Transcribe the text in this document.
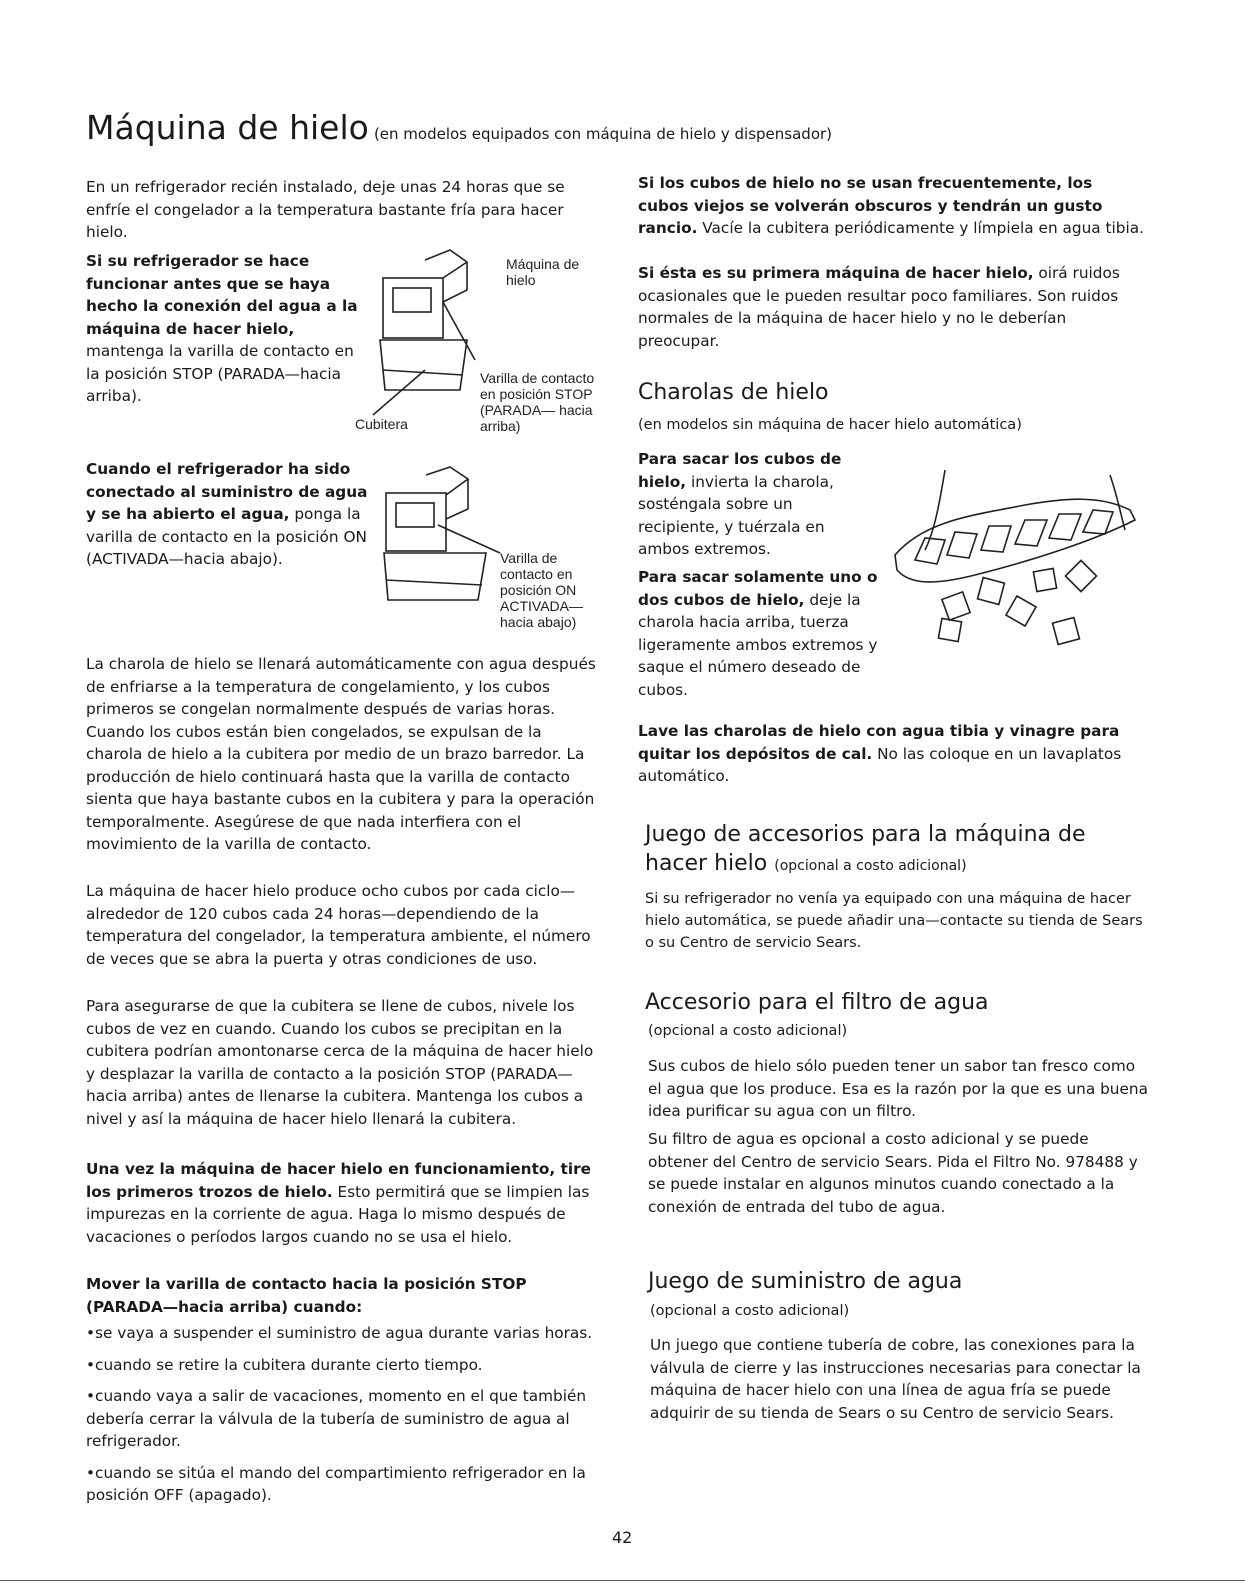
Máquina de hielo (en modelos equipados con máquina de hielo y dispensador)

En un refrigerador recién instalado, deje unas 24 horas que se enfríe el congelador a la temperatura bastante fría para hacer hielo.

Si su refrigerador se hace funcionar antes que se haya hecho la conexión del agua a la máquina de hacer hielo, mantenga la varilla de contacto en la posición STOP (PARADA—hacia arriba).

Máquina de hielo
Varilla de contacto en posición STOP (PARADA— hacia arriba)
Cubitera

Cuando el refrigerador ha sido conectado al suministro de agua y se ha abierto el agua, ponga la varilla de contacto en la posición ON (ACTIVADA—hacia abajo).	Varilla de contacto en posición ON ACTIVADA— hacia abajo)

La charola de hielo se llenará automáticamente con agua después de enfriarse a la temperatura de congelamiento, y los cubos primeros se congelan normalmente después de varias horas. Cuando los cubos están bien congelados, se expulsan de la charola de hielo a la cubitera por medio de un brazo barredor. La producción de hielo continuará hasta que la varilla de contacto sienta que haya bastante cubos en la cubitera y para la operación temporalmente. Asegúrese de que nada interfiera con el movimiento de la varilla de contacto.

La máquina de hacer hielo produce ocho cubos por cada ciclo—alrededor de 120 cubos cada 24 horas—dependiendo de la temperatura del congelador, la temperatura ambiente, el número de veces que se abra la puerta y otras condiciones de uso.

Para asegurarse de que la cubitera se llene de cubos, nivele los cubos de vez en cuando. Cuando los cubos se precipitan en la cubitera podrían amontonarse cerca de la máquina de hacer hielo y desplazar la varilla de contacto a la posición STOP (PARADA—hacia arriba) antes de llenarse la cubitera. Mantenga los cubos a nivel y así la máquina de hacer hielo llenará la cubitera.

Una vez la máquina de hacer hielo en funcionamiento, tire los primeros trozos de hielo. Esto permitirá que se limpien las impurezas en la corriente de agua. Haga lo mismo después de vacaciones o períodos largos cuando no se usa el hielo.

Mover la varilla de contacto hacia la posición STOP (PARADA—hacia arriba) cuando:

• se vaya a suspender el suministro de agua durante varias horas.
• cuando se retire la cubitera durante cierto tiempo.
• cuando vaya a salir de vacaciones, momento en el que también debería cerrar la válvula de la tubería de suministro de agua al refrigerador.
• cuando se sitúa el mando del compartimiento refrigerador en la posición OFF (apagado).

Si los cubos de hielo no se usan frecuentemente, los cubos viejos se volverán obscuros y tendrán un gusto rancio. Vacíe la cubitera periódicamente y límpiela en agua tibia.

Si ésta es su primera máquina de hacer hielo, oirá ruidos ocasionales que le pueden resultar poco familiares. Son ruidos normales de la máquina de hacer hielo y no le deberían preocupar.

Charolas de hielo

(en modelos sin máquina de hacer hielo automática)

Para sacar los cubos de hielo, invierta la charola, sosténgala sobre un recipiente, y tuérzala en ambos extremos.

Para sacar solamente uno o dos cubos de hielo, deje la charola hacia arriba, tuerza ligeramente ambos extremos y saque el número deseado de cubos.

Lave las charolas de hielo con agua tibia y vinagre para quitar los depósitos de cal. No las coloque en un lavaplatos automático.

Juego de accesorios para la máquina de hacer hielo (opcional a costo adicional)

Si su refrigerador no venía ya equipado con una máquina de hacer hielo automática, se puede añadir una—contacte su tienda de Sears o su Centro de servicio Sears.

Accesorio para el filtro de agua

(opcional a costo adicional)

Sus cubos de hielo sólo pueden tener un sabor tan fresco como el agua que los produce. Esa es la razón por la que es una buena idea purificar su agua con un filtro.

Su filtro de agua es opcional a costo adicional y se puede obtener del Centro de servicio Sears. Pida el Filtro No. 978488 y se puede instalar en algunos minutos cuando conectado a la conexión de entrada del tubo de agua.

Juego de suministro de agua

(opcional a costo adicional)

Un juego que contiene tubería de cobre, las conexiones para la válvula de cierre y las instrucciones necesarias para conectar la máquina de hacer hielo con una línea de agua fría se puede adquirir de su tienda de Sears o su Centro de servicio Sears.

42
